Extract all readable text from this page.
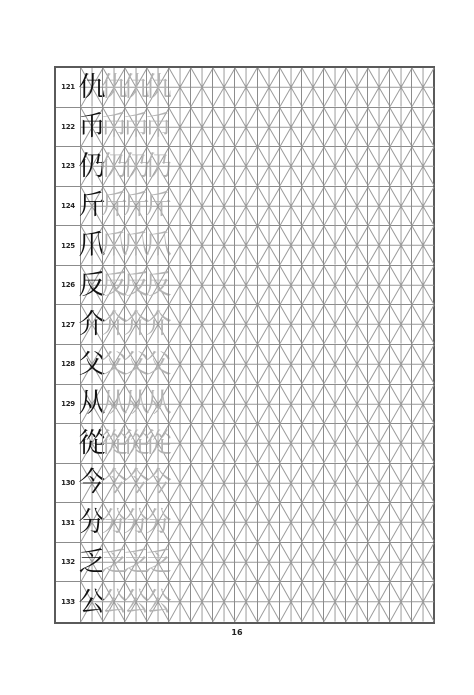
121 仇
仇
仇
仇
122 币
币
币
币
123 仍
仍
仍
仍
124 斤
斤
斤
斤
125 爪
爪
爪
爪
126 反
反
反
反
127 介
介
介
介
128 父
父
父
父
129 从
从
从
从
從
從
從
從
130 今
今
今
今
131 分
分
分
分
132 乏
乏
乏
乏
133 公
公
公
公
16
